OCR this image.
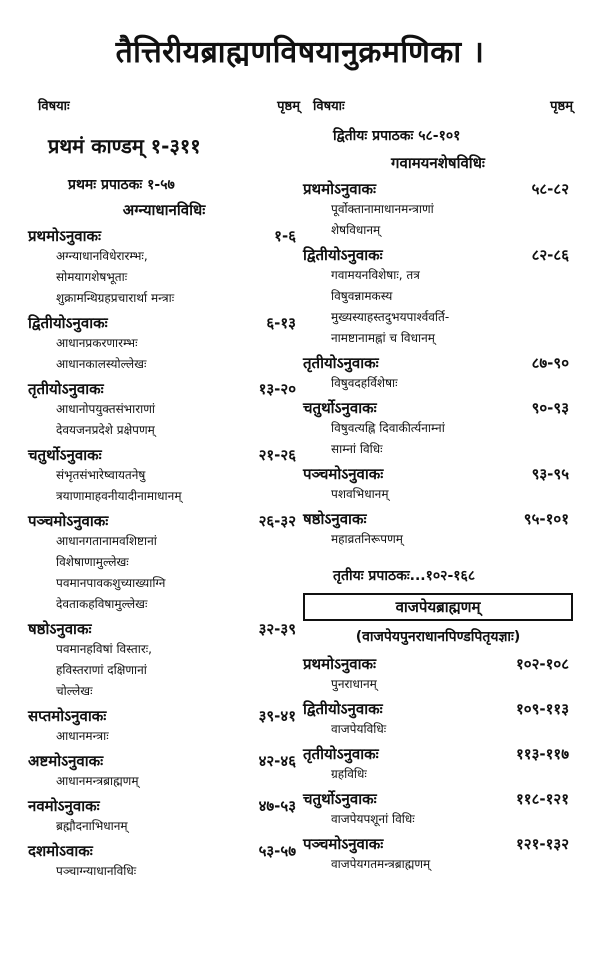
तैत्तिरीयब्राह्मणविषयानुक्रमणिका ।
विषयाः	पृष्ठम्
प्रथमं काण्डम् १-३११
प्रथमः प्रपाठकः १-५७
अग्न्याधानविधिः
प्रथमोऽनुवाकः	१-६
अग्न्याधानविधेरारम्भः,
सोमयागशेषभूताः
शुक्रामन्थिग्रहप्रचारार्था मन्त्राः
द्वितीयोऽनुवाकः	६-१३
आधानप्रकरणारम्भः
आधानकालस्योल्लेखः
तृतीयोऽनुवाकः	१३-२०
आधानोपयुक्तसंभाराणां
देवयजनप्रदेशे प्रक्षेपणम्
चतुर्थोऽनुवाकः	२१-२६
संभृतसंभारेष्वायतनेषु
त्रयाणामाहवनीयादीनामाधानम्
पञ्चमोऽनुवाकः	२६-३२
आधानगतानामवशिष्टानां
विशेषाणामुल्लेखः
पवमानपावकशुच्याख्याग्नि
देवताकहविषामुल्लेखः
षष्ठोऽनुवाकः	३२-३९
पवमानहविषां विस्तारः,
हविस्तराणां दक्षिणानां
चोल्लेखः
सप्तमोऽनुवाकः	३९-४१
आधानमन्त्राः
अष्टमोऽनुवाकः	४२-४६
आधानमन्त्रब्राह्मणम्
नवमोऽनुवाकः	४७-५३
ब्रह्मौदनाभिधानम्
दशमोऽवाकः	५३-५७
पञ्चाग्न्याधानविधिः
विषयाः	पृष्ठम्
द्वितीयः प्रपाठकः ५८-१०१
गवामयनशेषविधिः
प्रथमोऽनुवाकः	५८-८२
पूर्वोक्तानामाधानमन्त्राणां
शेषविधानम्
द्वितीयोऽनुवाकः	८२-८६
गवामयनविशेषाः, तत्र
विषुवन्नामकस्य
मुख्यस्याहस्तदुभयपार्श्ववर्ति-
नामष्टानामह्नां च विधानम्
तृतीयोऽनुवाकः	८७-९०
विषुवदहर्विशेषाः
चतुर्थोऽनुवाकः	९०-९३
विषुवत्यह्नि दिवाकीर्त्यनाम्नां
साम्नां विधिः
पञ्चमोऽनुवाकः	९३-९५
पशवभिधानम्
षष्ठोऽनुवाकः	९५-१०१
महाव्रतनिरूपणम्
तृतीयः प्रपाठकः...१०२-१६८
वाजपेयब्राह्मणम्
(वाजपेयपुनराधानपिण्डपितृयज्ञाः)
प्रथमोऽनुवाकः	१०२-१०८
पुनराधानम्
द्वितीयोऽनुवाकः	१०९-११३
वाजपेयविधिः
तृतीयोऽनुवाकः	११३-११७
ग्रहविधिः
चतुर्थोऽनुवाकः	११८-१२१
वाजपेयपशूनां विधिः
पञ्चमोऽनुवाकः	१२१-१३२
वाजपेयगतमन्त्रब्राह्मणम्
